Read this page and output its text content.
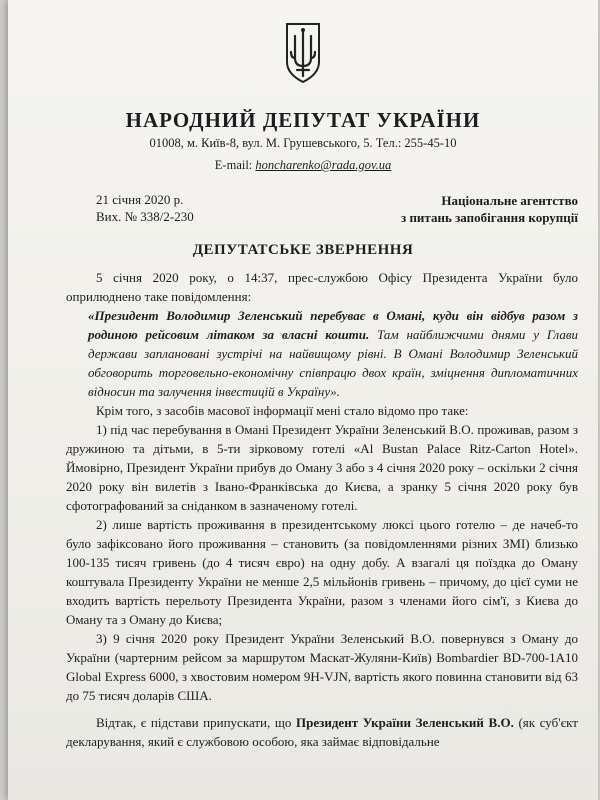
НАРОДНИЙ ДЕПУТАТ УКРАЇНИ
01008, м. Київ-8, вул. М. Грушевського, 5. Тел.: 255-45-10
E-mail: honcharenko@rada.gov.ua
21 січня 2020 р.
Вих. № 338/2-230
Національне агентство
з питань запобігання корупції
ДЕПУТАТСЬКЕ ЗВЕРНЕННЯ

5 січня 2020 року, о 14:37, прес-службою Офісу Президента України було оприлюднено таке повідомлення:

«Президент Володимир Зеленський перебуває в Омані, куди він відбув разом з родиною рейсовим літаком за власні кошти. Там найближчими днями у Глави держави заплановані зустрічі на найвищому рівні. В Омані Володимир Зеленський обговорить торговельно-економічну співпрацю двох країн, зміцнення дипломатичних відносин та залучення інвестицій в Україну».

Крім того, з засобів масової інформації мені стало відомо про таке:

1) під час перебування в Омані Президент України Зеленський В.О. проживав, разом з дружиною та дітьми, в 5-ти зірковому готелі «Al Bustan Palace Ritz-Carton Hotel». Ймовірно, Президент України прибув до Оману 3 або з 4 січня 2020 року – оскільки 2 січня 2020 року він вилетів з Івано-Франківська до Києва, а зранку 5 січня 2020 року був сфотографований за сніданком в зазначеному готелі.

2) лише вартість проживання в президентському люксі цього готелю – де начеб-то було зафіксовано його проживання – становить (за повідомленнями різних ЗМІ) близько 100-135 тисяч гривень (до 4 тисяч євро) на одну добу. А взагалі ця поїздка до Оману коштувала Президенту України не менше 2,5 мільйонів гривень – причому, до цієї суми не входить вартість перельоту Президента України, разом з членами його сім'ї, з Києва до Оману та з Оману до Києва;

3) 9 січня 2020 року Президент України Зеленський В.О. повернувся з Оману до України (чартерним рейсом за маршрутом Маскат-Жуляни-Київ) Bombardier BD-700-1A10 Global Express 6000, з хвостовим номером 9H-VJN, вартість якого повинна становити від 63 до 75 тисяч доларів США.

Відтак, є підстави припускати, що Президент України Зеленський В.О. (як суб'єкт декларування, який є службовою особою, яка займає відповідальне
